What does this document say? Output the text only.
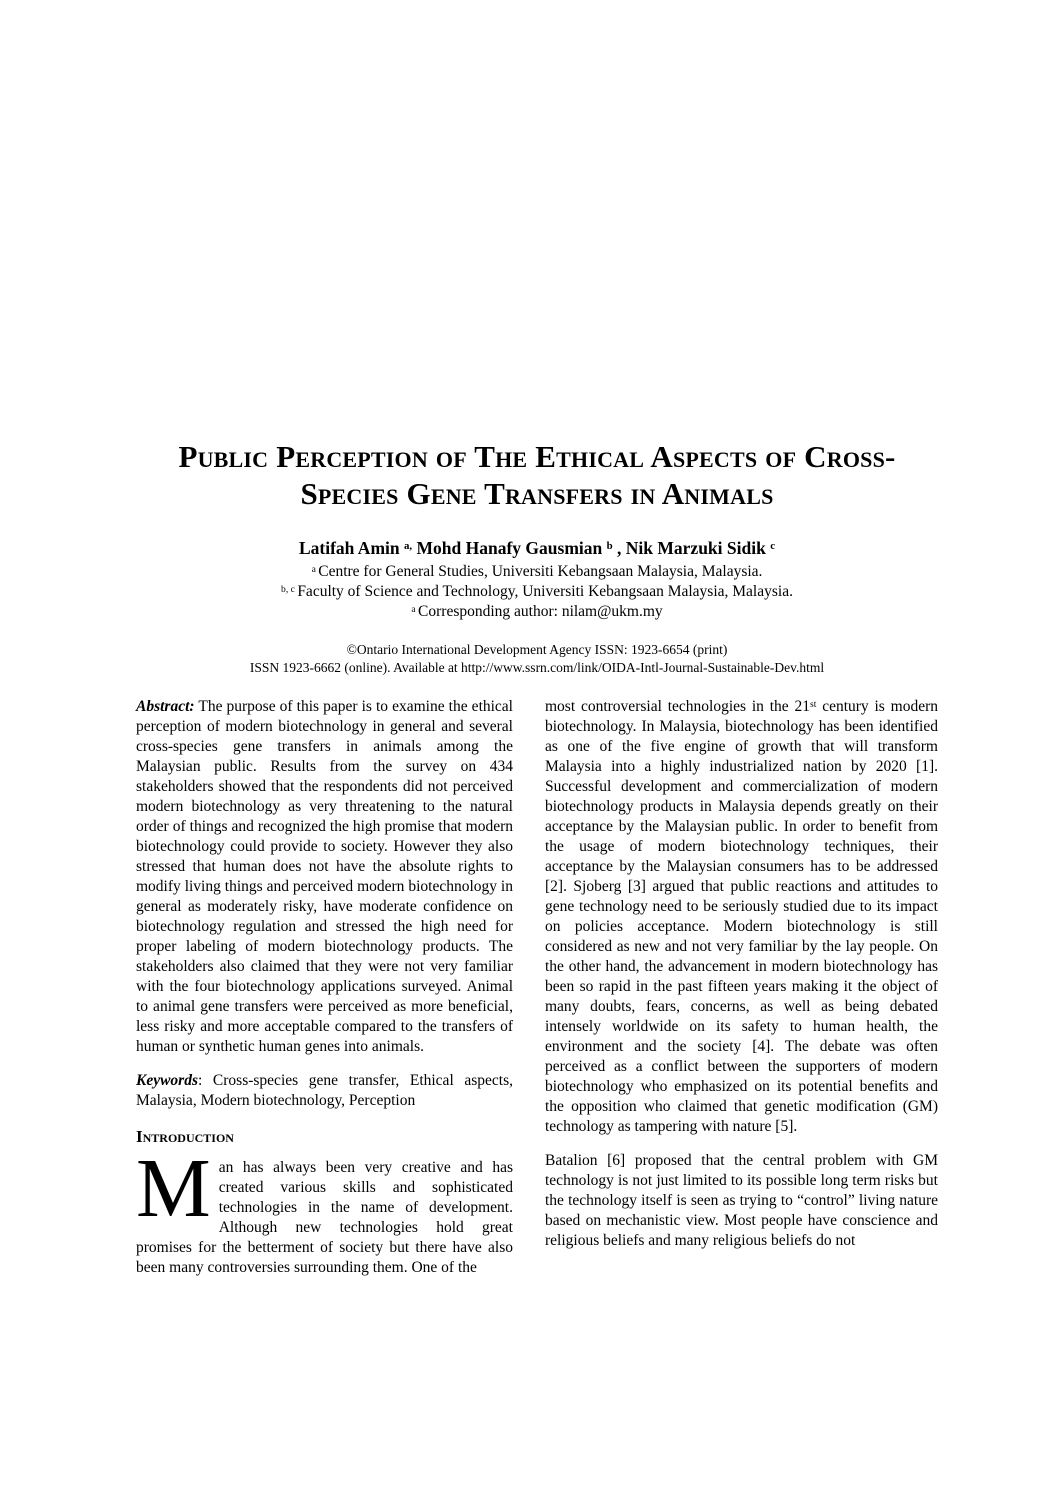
Public Perception of The Ethical Aspects of Cross-
Species Gene Transfers in Animals
Latifah Amin $^{a,}$ Mohd Hanafy Gausmian $^b$ , Nik Marzuki Sidik $^c$
$^a$ Centre for General Studies, Universiti Kebangsaan Malaysia, Malaysia.
$^{b, c}$ Faculty of Science and Technology, Universiti Kebangsaan Malaysia, Malaysia.
$^a$ Corresponding author: nilam@ukm.my
©Ontario International Development Agency ISSN: 1923-6654 (print)
ISSN 1923-6662 (online). Available at http://www.ssrn.com/link/OIDA-Intl-Journal-Sustainable-Dev.html

Abstract: The purpose of this paper is to examine the ethical perception of modern biotechnology in general and several cross-species gene transfers in animals among the Malaysian public. Results from the survey on 434 stakeholders showed that the respondents did not perceived modern biotechnology as very threatening to the natural order of things and recognized the high promise that modern biotechnology could provide to society. However they also stressed that human does not have the absolute rights to modify living things and perceived modern biotechnology in general as moderately risky, have moderate confidence on biotechnology regulation and stressed the high need for proper labeling of modern biotechnology products. The stakeholders also claimed that they were not very familiar with the four biotechnology applications surveyed. Animal to animal gene transfers were perceived as more beneficial, less risky and more acceptable compared to the transfers of human or synthetic human genes into animals.

Keywords: Cross-species gene transfer, Ethical aspects, Malaysia, Modern biotechnology, Perception

Introduction

Man has always been very creative and has created various skills and sophisticated technologies in the name of development. Although new technologies hold great promises for the betterment of society but there have also been many controversies surrounding them. One of the

most controversial technologies in the 21st century is modern biotechnology. In Malaysia, biotechnology has been identified as one of the five engine of growth that will transform Malaysia into a highly industrialized nation by 2020 [1]. Successful development and commercialization of modern biotechnology products in Malaysia depends greatly on their acceptance by the Malaysian public. In order to benefit from the usage of modern biotechnology techniques, their acceptance by the Malaysian consumers has to be addressed [2]. Sjoberg [3] argued that public reactions and attitudes to gene technology need to be seriously studied due to its impact on policies acceptance. Modern biotechnology is still considered as new and not very familiar by the lay people. On the other hand, the advancement in modern biotechnology has been so rapid in the past fifteen years making it the object of many doubts, fears, concerns, as well as being debated intensely worldwide on its safety to human health, the environment and the society [4]. The debate was often perceived as a conflict between the supporters of modern biotechnology who emphasized on its potential benefits and the opposition who claimed that genetic modification (GM) technology as tampering with nature [5].

Batalion [6] proposed that the central problem with GM technology is not just limited to its possible long term risks but the technology itself is seen as trying to “control” living nature based on mechanistic view. Most people have conscience and religious beliefs and many religious beliefs do not
